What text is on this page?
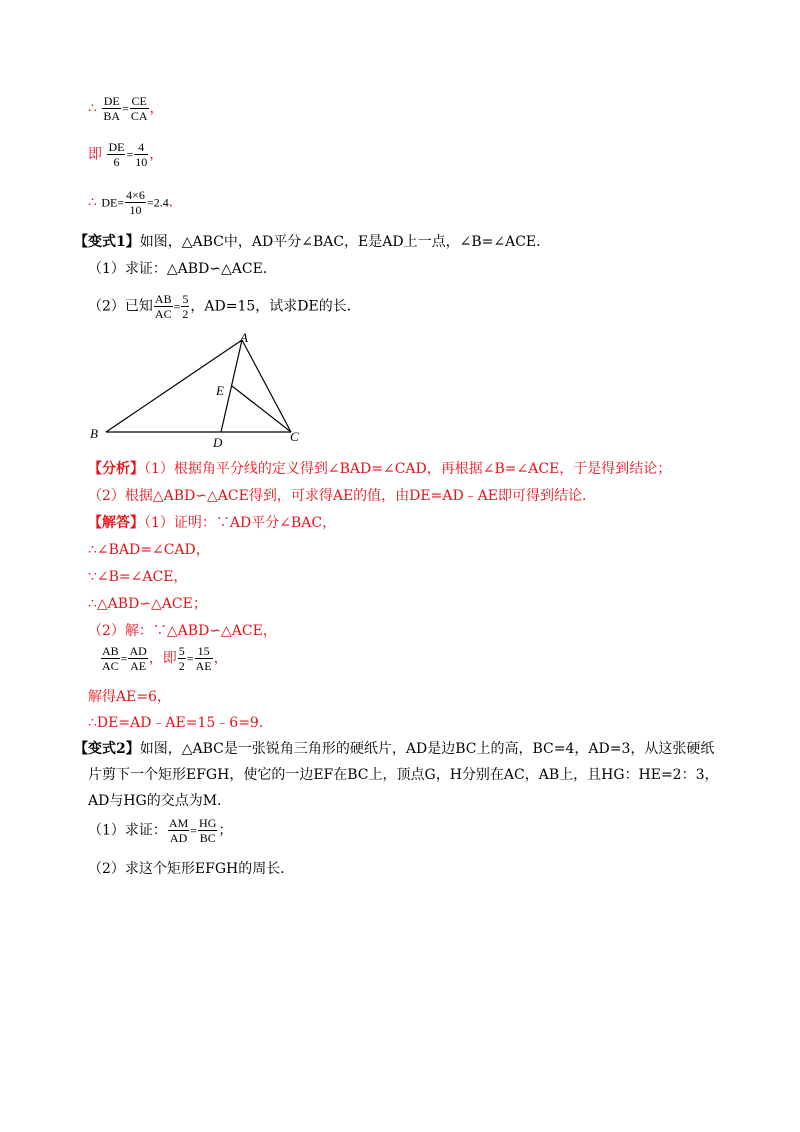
∴ $\frac{DE}{BA} = \frac{CE}{CA}$ ，
即 $\frac{DE}{6} = \frac{4}{10}$ ，
∴ $DE= \frac{4\times 6}{10} =2.4$．
【变式1】如图，△ABC中，AD平分∠BAC，E是AD上一点，∠B=∠ACE．
（1）求证：△ABD∽△ACE．
（2）已知 $\frac{AB}{AC} = \frac{5}{2}$ ，AD=15，试求DE的长．
A
B	C
D
E
【分析】（1）根据角平分线的定义得到∠BAD=∠CAD，再根据∠B=∠ACE，于是得到结论；
（2）根据△ABD∽△ACE得到，可求得AE的值，由DE=AD﹣AE即可得到结论．
【解答】（1）证明：∵AD平分∠BAC，
∴∠BAD=∠CAD，
∵∠B=∠ACE，
∴△ABD∽△ACE；
（2）解：∵△ABD∽△ACE，
$\frac{AB}{AC} = \frac{AD}{AE}$ ，即 $\frac{5}{2} = \frac{15}{AE}$ ，
解得AE=6，
∴DE=AD﹣AE=15﹣6=9．
【变式2】如图，△ABC是一张锐角三角形的硬纸片，AD是边BC上的高，BC=4，AD=3，从这张硬纸
片剪下一个矩形EFGH，使它的一边EF在BC上，顶点G，H分别在AC，AB上，且HG：HE=2：3，
AD与HG的交点为M．
（1）求证： $\frac{AM}{AD} = \frac{HG}{BC}$ ；
（2）求这个矩形EFGH的周长．
